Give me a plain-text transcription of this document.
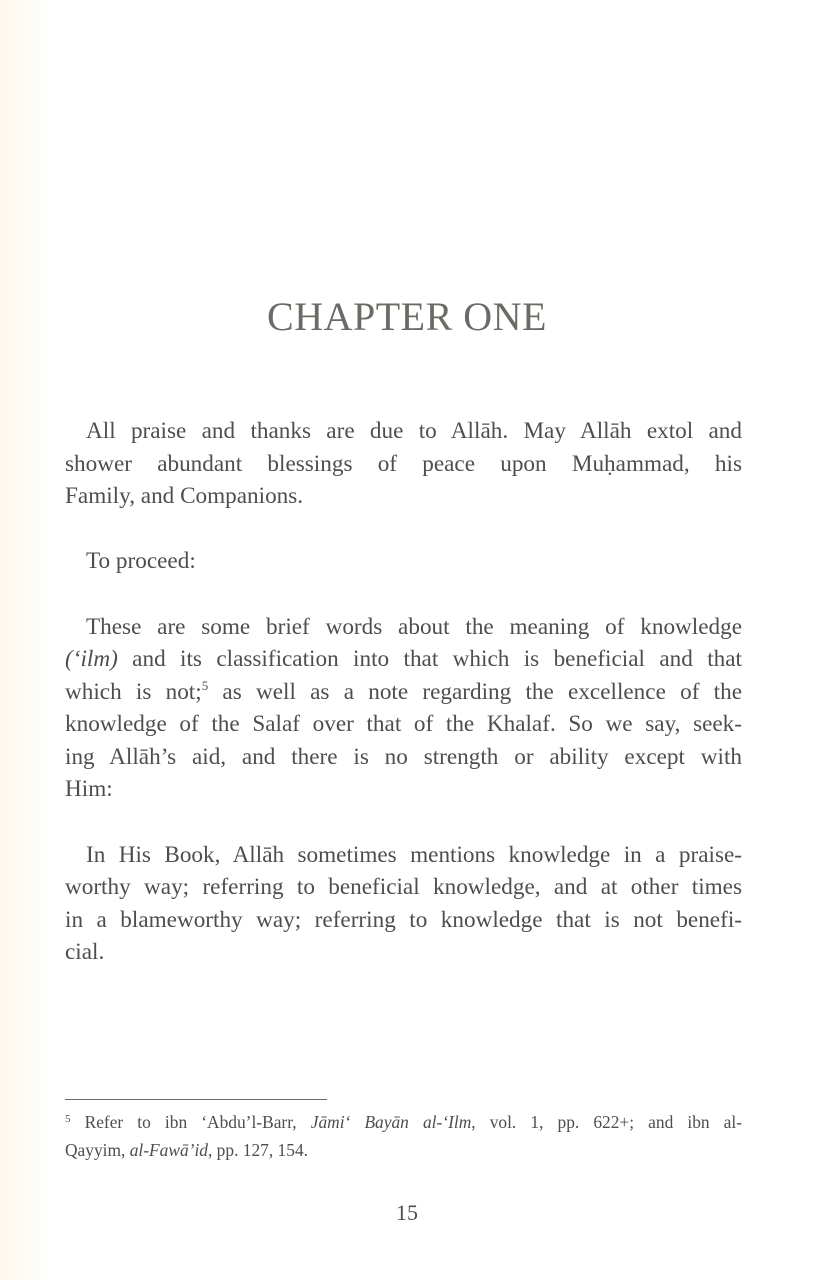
CHAPTER ONE
All praise and thanks are due to Allāh. May Allāh extol and
shower abundant blessings of peace upon Muḥammad, his
Family, and Companions.
To proceed:
These are some brief words about the meaning of knowledge
(‘ilm) and its classification into that which is beneficial and that
which is not;$^5$ as well as a note regarding the excellence of the
knowledge of the Salaf over that of the Khalaf. So we say, seek-
ing Allāh’s aid, and there is no strength or ability except with
Him:
In His Book, Allāh sometimes mentions knowledge in a praise-
worthy way; referring to beneficial knowledge, and at other times
in a blameworthy way; referring to knowledge that is not benefi-
cial.
$^5$ Refer to ibn ‘Abdu’l-Barr, Jāmi‘ Bayān al-‘Ilm, vol. 1, pp. 622+; and ibn al-
Qayyim, al-Fawā’id, pp. 127, 154.
15
